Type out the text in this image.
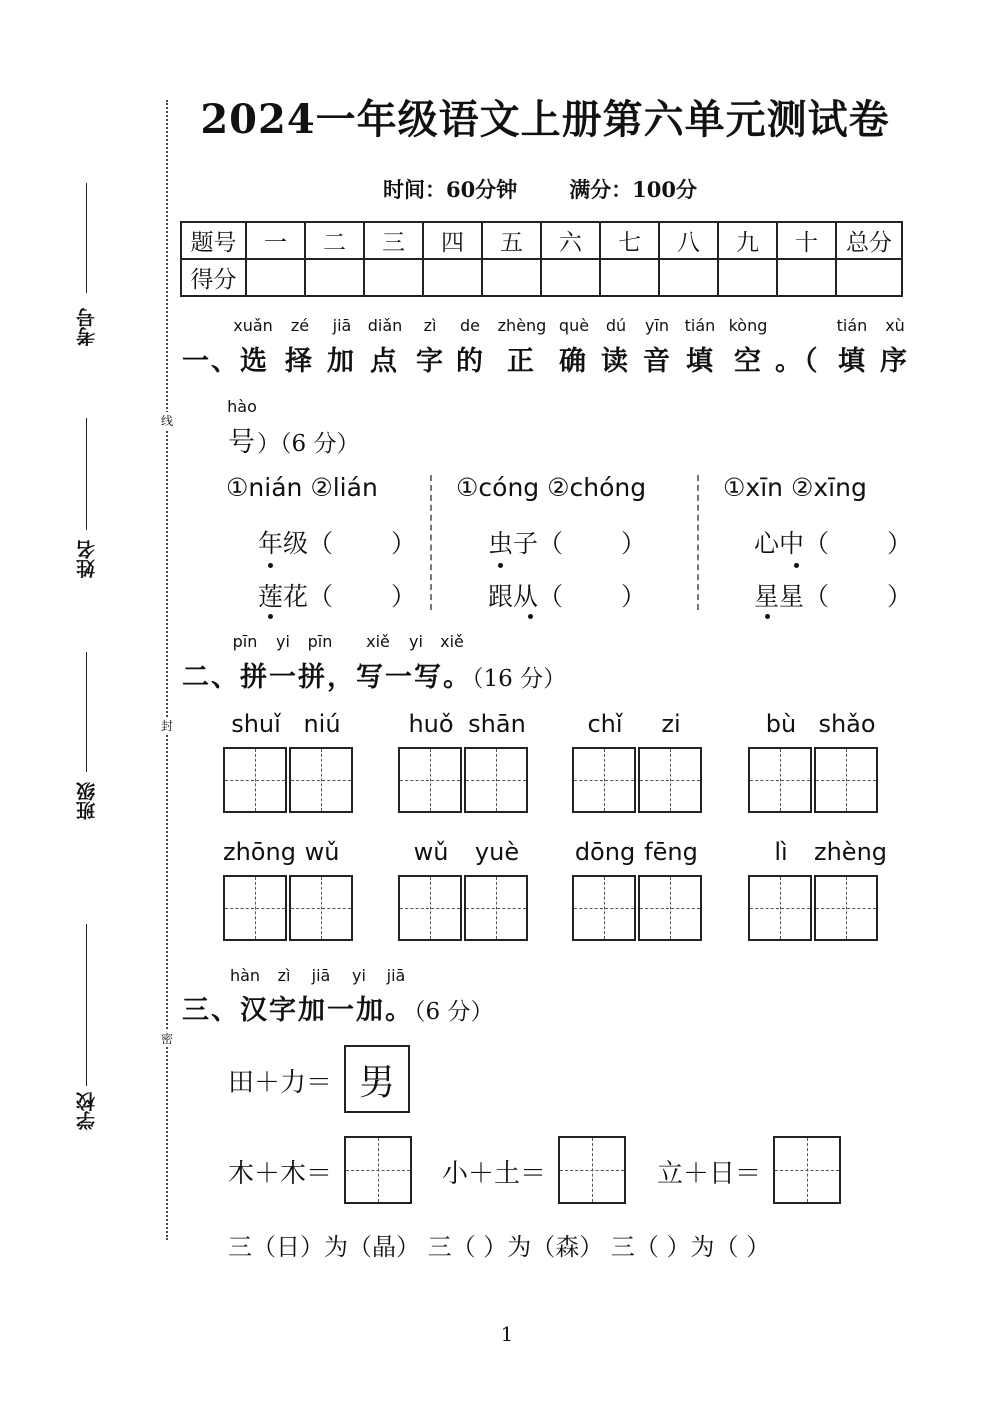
线
封
密
考号
姓名
班级
学校
2024一年级语文上册第六单元测试卷
时间：60分钟 满分：100分
题号	一	二	三	四	五	六	七	八	九	十	总分
得分											
xuǎn	zé	jiā	diǎn	zì	de	zhèng què	dú	yīn tián kòng	tián	xù
一、选 择 加 点 字 的 正 确 读 音 填 空 。（ 填 序
hào
号）（6 分）
①nián ②lián
年级（ ）
莲花（ ）
①cóng ②chóng
虫子（ ）
跟从（ ）
①xīn ②xīng
心中（ ）
星星（ ）
pīn	yi	pīn	xiě	yi	xiě
二、拼一拼，写一写。（16 分）
shuǐ niú	huǒ shān	chǐ	zi	bù shǎo
zhōng wǔ	wǔ	yuè	dōng fēng	lì	zhèng
hàn	zì	jiā	yi	jiā
三、汉字加一加。（6 分）
田＋力＝ 男
木＋木＝	小＋土＝	立＋日＝
三（日）为（晶） 三（ ）为（森） 三（ ）为（ ）
1
